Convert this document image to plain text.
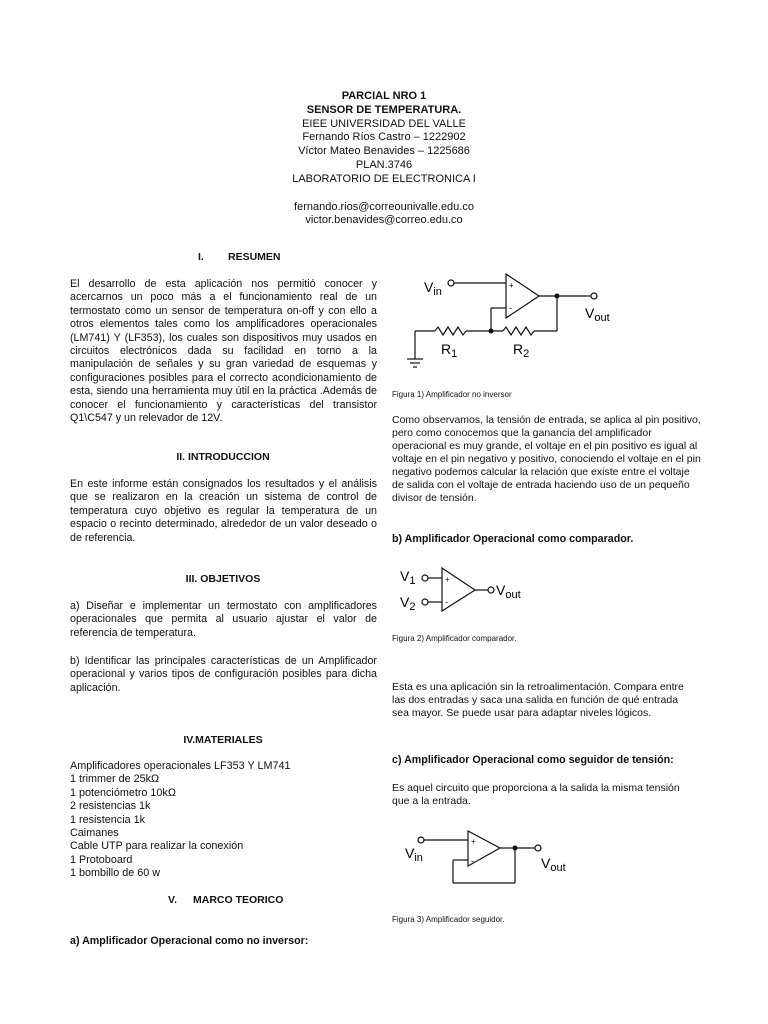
PARCIAL NRO 1
SENSOR DE TEMPERATURA.
EIEE UNIVERSIDAD DEL VALLE
Fernando Ríos Castro – 1222902
Víctor Mateo Benavides – 1225686
PLAN.3746
LABORATORIO DE ELECTRONICA I
fernando.rios@correounivalle.edu.co
victor.benavides@correo.edu.co
I. RESUMEN
El desarrollo de esta aplicación nos permitió conocer y acercarnos un poco más a el funcionamiento real de un termostato como un sensor de temperatura on-off y con ello a otros elementos tales como los amplificadores operacionales (LM741) Y (LF353), los cuales son dispositivos muy usados en circuitos electrónicos dada su facilidad en torno a la manipulación de señales y su gran variedad de esquemas y configuraciones posibles para el correcto acondicionamiento de esta, siendo una herramienta muy útil en la práctica .Además de conocer el funcionamiento y características del transistor Q1\C547 y un relevador de 12V.
II. INTRODUCCION
En este informe están consignados los resultados y el análisis que se realizaron en la creación un sistema de control de temperatura cuyo objetivo es regular la temperatura de un espacio o recinto determinado, alrededor de un valor deseado o de referencia.
III. OBJETIVOS
a) Diseñar e implementar un termostato con amplificadores operacionales que permita al usuario ajustar el valor de referencia de temperatura.
b) Identificar las principales características de un Amplificador operacional y varios tipos de configuración posibles para dicha aplicación.
IV.MATERIALES
Amplificadores operacionales LF353 Y LM741
1 trimmer de 25kΩ
1 potenciómetro 10kΩ
2 resistencias 1k
1 resistencia 1k
Caimanes
Cable UTP para realizar la conexión
1 Protoboard
1 bombillo de 60 w
V. MARCO TEORICO
a) Amplificador Operacional como no inversor:
$V_{in}$
$V_{out}$
$R_1$	$R_2$
+
-
Figura 1) Amplificador no inversor
Como observamos, la tensión de entrada, se aplica al pin positivo, pero como conocemos que la ganancia del amplificador operacional es muy grande, el voltaje en el pin positivo es igual al voltaje en el pin negativo y positivo, conociendo el voltaje en el pin negativo podemos calcular la relación que existe entre el voltaje de salida con el voltaje de entrada haciendo uso de un pequeño divisor de tensión.
b) Amplificador Operacional como comparador.
$V_1$
$V_2$
$V_{out}$
+
-
Figura 2) Amplificador comparador.
Esta es una aplicación sin la retroalimentación. Compara entre las dos entradas y saca una salida en función de qué entrada sea mayor. Se puede usar para adaptar niveles lógicos.
c) Amplificador Operacional como seguidor de tensión:
Es aquel circuito que proporciona a la salida la misma tensión que a la entrada.
$V_{in}$	$V_{out}$
+
-
Figura 3) Amplificador seguidor.
